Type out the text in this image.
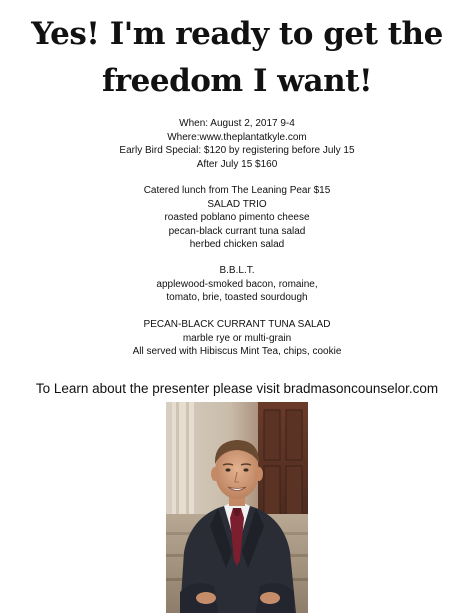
Yes! I'm ready to get the
freedom I want!
When: August 2, 2017 9-4
Where:www.theplantatkyle.com
Early Bird Special: $120 by registering before July 15
After July 15 $160
Catered lunch from The Leaning Pear $15
SALAD TRIO
roasted poblano pimento cheese
pecan-black currant tuna salad
herbed chicken salad
B.B.L.T.
applewood-smoked bacon, romaine,
tomato, brie, toasted sourdough
PECAN-BLACK CURRANT TUNA SALAD
marble rye or multi-grain
All served with Hibiscus Mint Tea, chips, cookie
To Learn about the presenter please visit bradmasoncounselor.com
